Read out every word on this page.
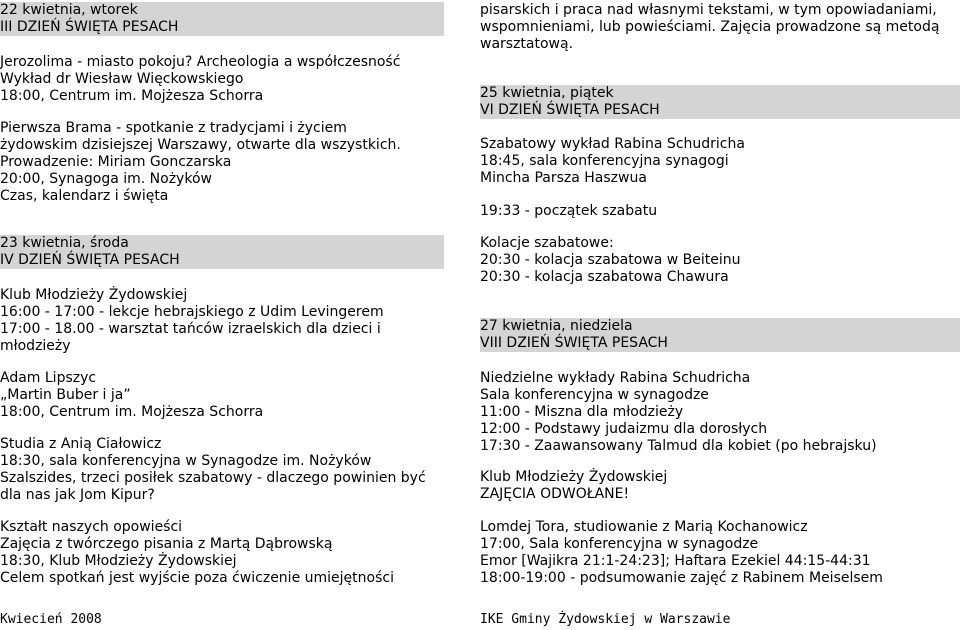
22 kwietnia, wtorek
III DZIEŃ ŚWIĘTA PESACH
Jerozolima - miasto pokoju? Archeologia a współczesność
Wykład dr Wiesław Więckowskiego
18:00, Centrum im. Mojżesza Schorra
Pierwsza Brama - spotkanie z tradycjami i życiem
żydowskim dzisiejszej Warszawy, otwarte dla wszystkich.
Prowadzenie: Miriam Gonczarska
20:00, Synagoga im. Nożyków
Czas, kalendarz i święta
23 kwietnia, środa
IV DZIEŃ ŚWIĘTA PESACH
Klub Młodzieży Żydowskiej
16:00 - 17:00 - lekcje hebrajskiego z Udim Levingerem
17:00 - 18.00 - warsztat tańców izraelskich dla dzieci i
młodzieży
Adam Lipszyc
„Martin Buber i ja”
18:00, Centrum im. Mojżesza Schorra
Studia z Anią Ciałowicz
18:30, sala konferencyjna w Synagodze im. Nożyków
Szalszides, trzeci posiłek szabatowy - dlaczego powinien być
dla nas jak Jom Kipur?
Kształt naszych opowieści
Zajęcia z twórczego pisania z Martą Dąbrowską
18:30, Klub Młodzieży Żydowskiej
Celem spotkań jest wyjście poza ćwiczenie umiejętności
Kwiecień 2008
pisarskich i praca nad własnymi tekstami, w tym opowiadaniami,
wspomnieniami, lub powieściami. Zajęcia prowadzone są metodą
warsztatową.
25 kwietnia, piątek
VI DZIEŃ ŚWIĘTA PESACH
Szabatowy wykład Rabina Schudricha
18:45, sala konferencyjna synagogi
Mincha Parsza Haszwua
19:33 - początek szabatu
Kolacje szabatowe:
20:30 - kolacja szabatowa w Beiteinu
20:30 - kolacja szabatowa Chawura
27 kwietnia, niedziela
VIII DZIEŃ ŚWIĘTA PESACH
Niedzielne wykłady Rabina Schudricha
Sala konferencyjna w synagodze
11:00 - Miszna dla młodzieży
12:00 - Podstawy judaizmu dla dorosłych
17:30 - Zaawansowany Talmud dla kobiet (po hebrajsku)
Klub Młodzieży Żydowskiej
ZAJĘCIA ODWOŁANE!
Lomdej Tora, studiowanie z Marią Kochanowicz
17:00, Sala konferencyjna w synagodze
Emor [Wajikra 21:1-24:23]; Haftara Ezekiel 44:15-44:31
18:00-19:00 - podsumowanie zajęć z Rabinem Meiselsem
IKE Gminy Żydowskiej w Warszawie
